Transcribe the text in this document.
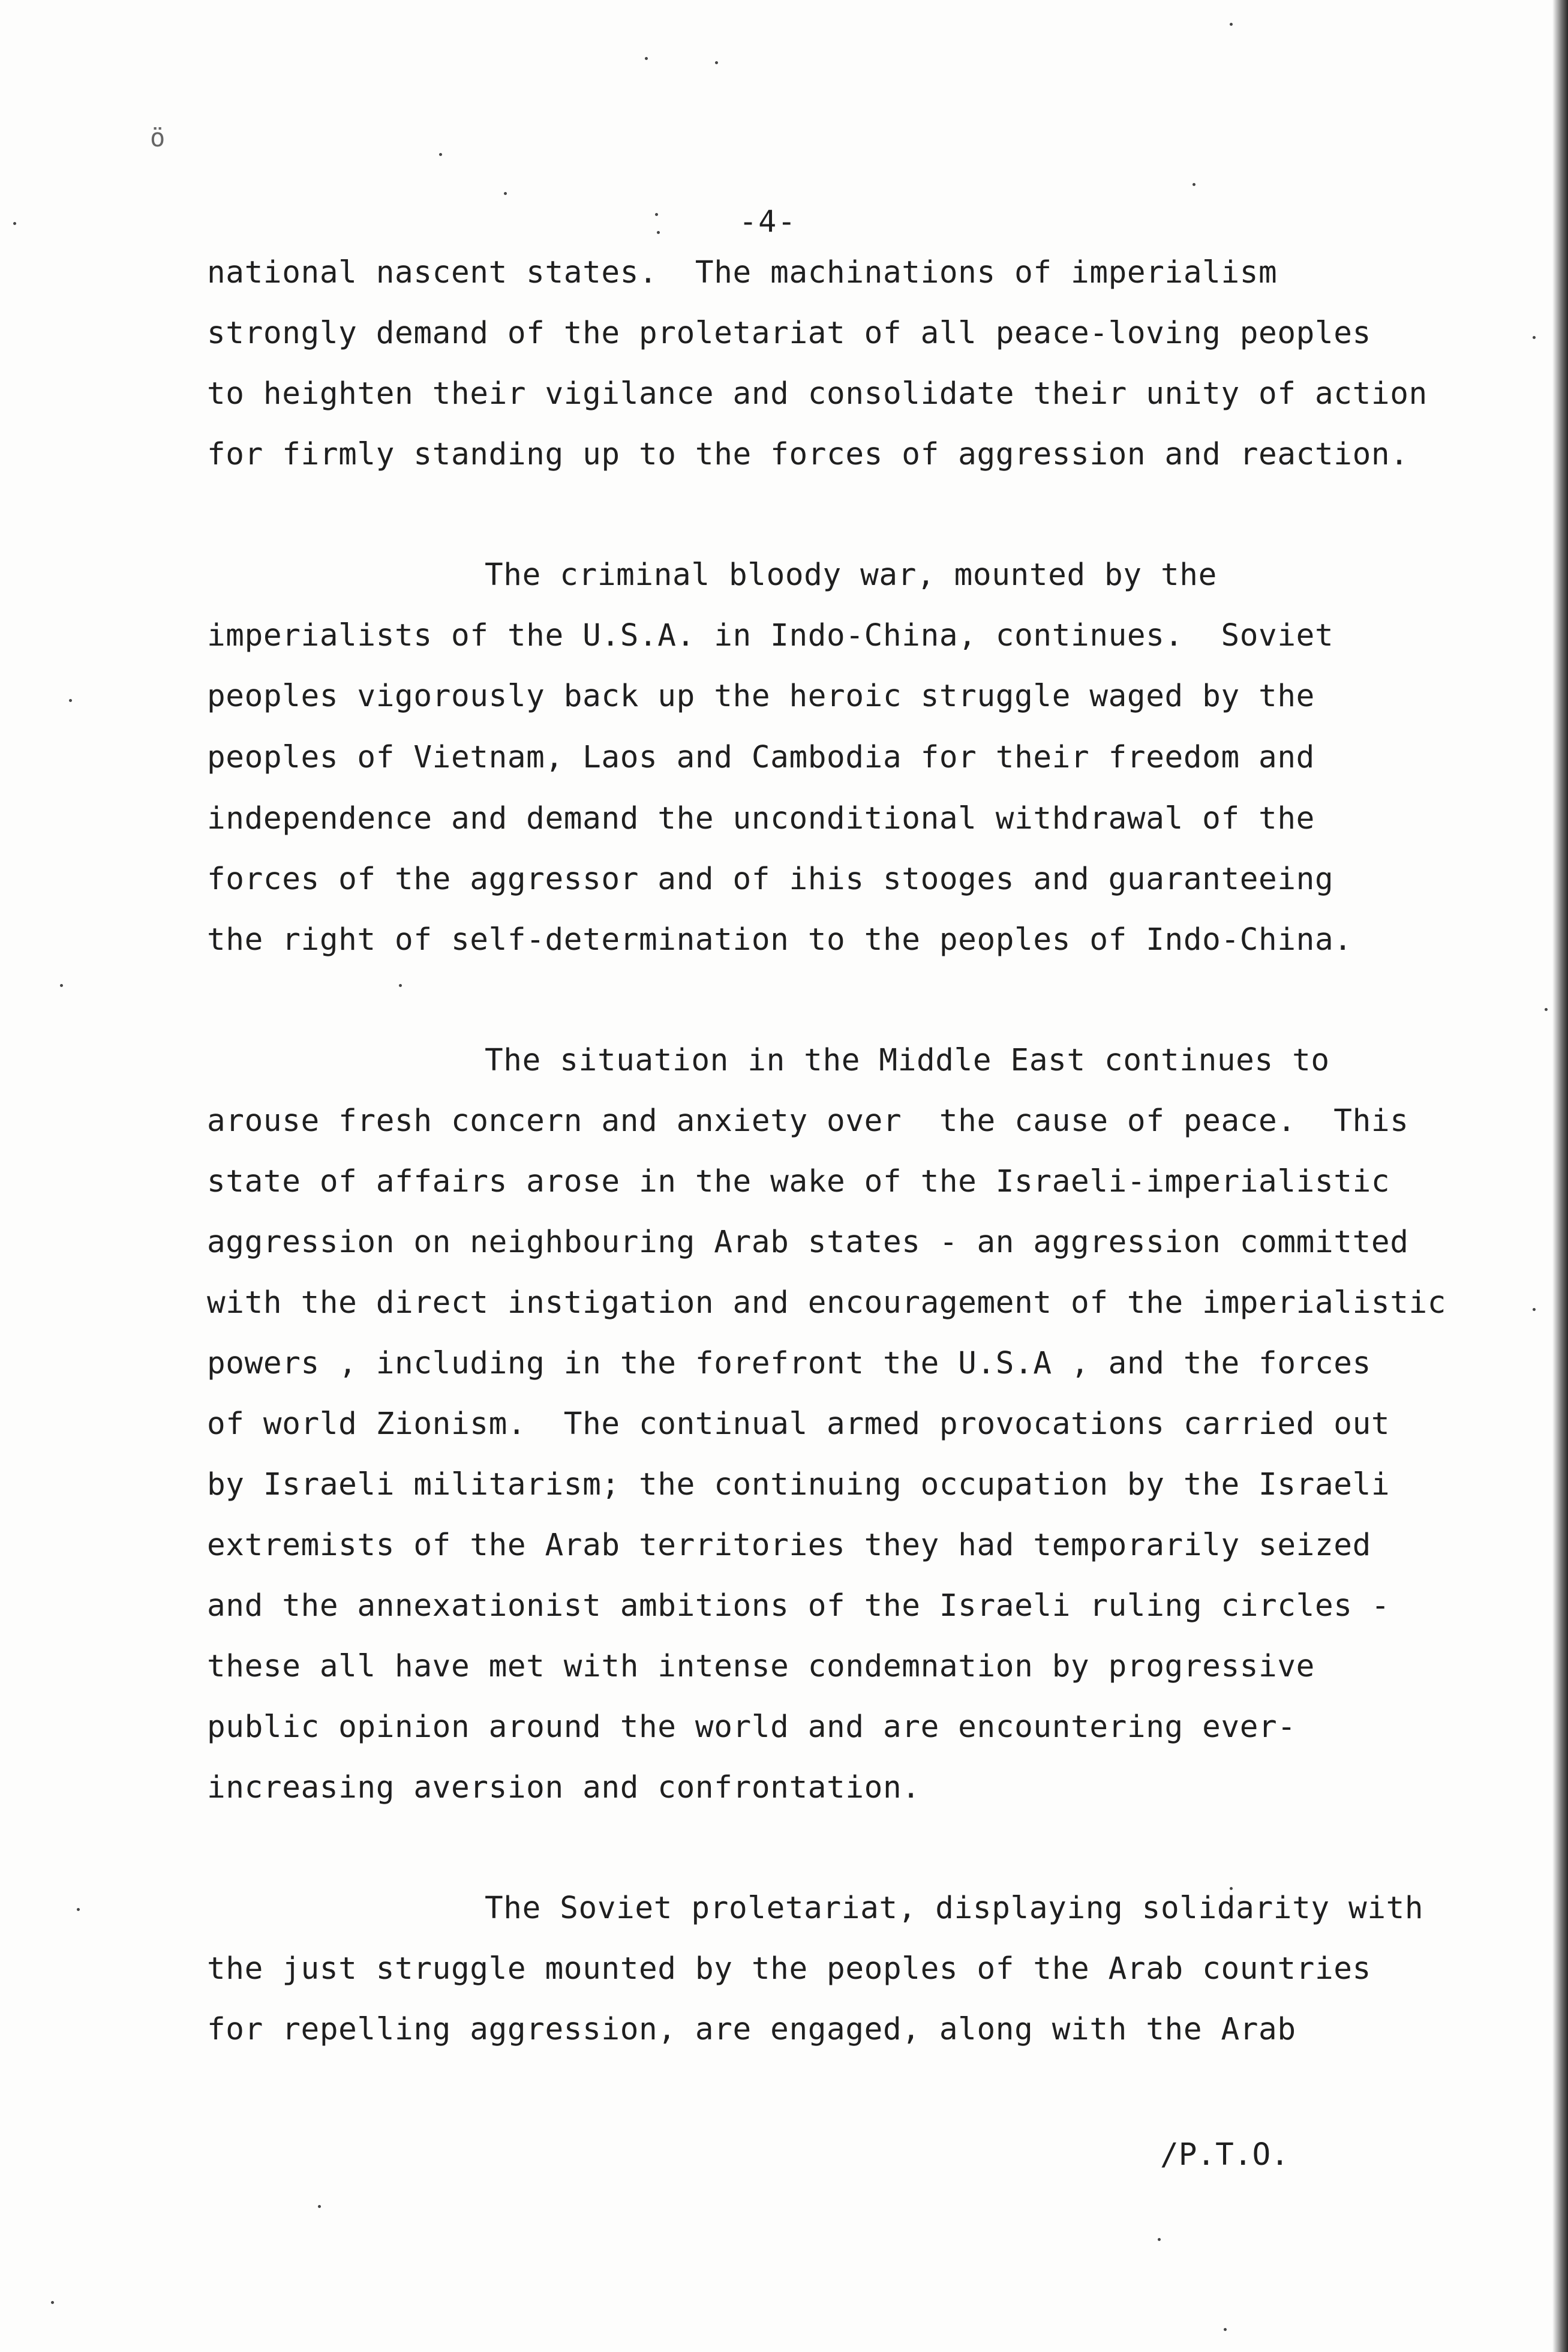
ö
-4-
national nascent states.  The machinations of imperialism
strongly demand of the proletariat of all peace-loving peoples
to heighten their vigilance and consolidate their unity of action
for firmly standing up to the forces of aggression and reaction.
The criminal bloody war, mounted by the
imperialists of the U.S.A. in Indo-China, continues.  Soviet
peoples vigorously back up the heroic struggle waged by the
peoples of Vietnam, Laos and Cambodia for their freedom and
independence and demand the unconditional withdrawal of the
forces of the aggressor and of ihis stooges and guaranteeing
the right of self-determination to the peoples of Indo-China.
The situation in the Middle East continues to
arouse fresh concern and anxiety over  the cause of peace.  This
state of affairs arose in the wake of the Israeli-imperialistic
aggression on neighbouring Arab states - an aggression committed
with the direct instigation and encouragement of the imperialistic
powers , including in the forefront the U.S.A , and the forces
of world Zionism.  The continual armed provocations carried out
by Israeli militarism; the continuing occupation by the Israeli
extremists of the Arab territories they had temporarily seized
and the annexationist ambitions of the Israeli ruling circles -
these all have met with intense condemnation by progressive
public opinion around the world and are encountering ever-
increasing aversion and confrontation.
The Soviet proletariat, displaying solidarity with
the just struggle mounted by the peoples of the Arab countries
for repelling aggression, are engaged, along with the Arab
/P.T.O.
